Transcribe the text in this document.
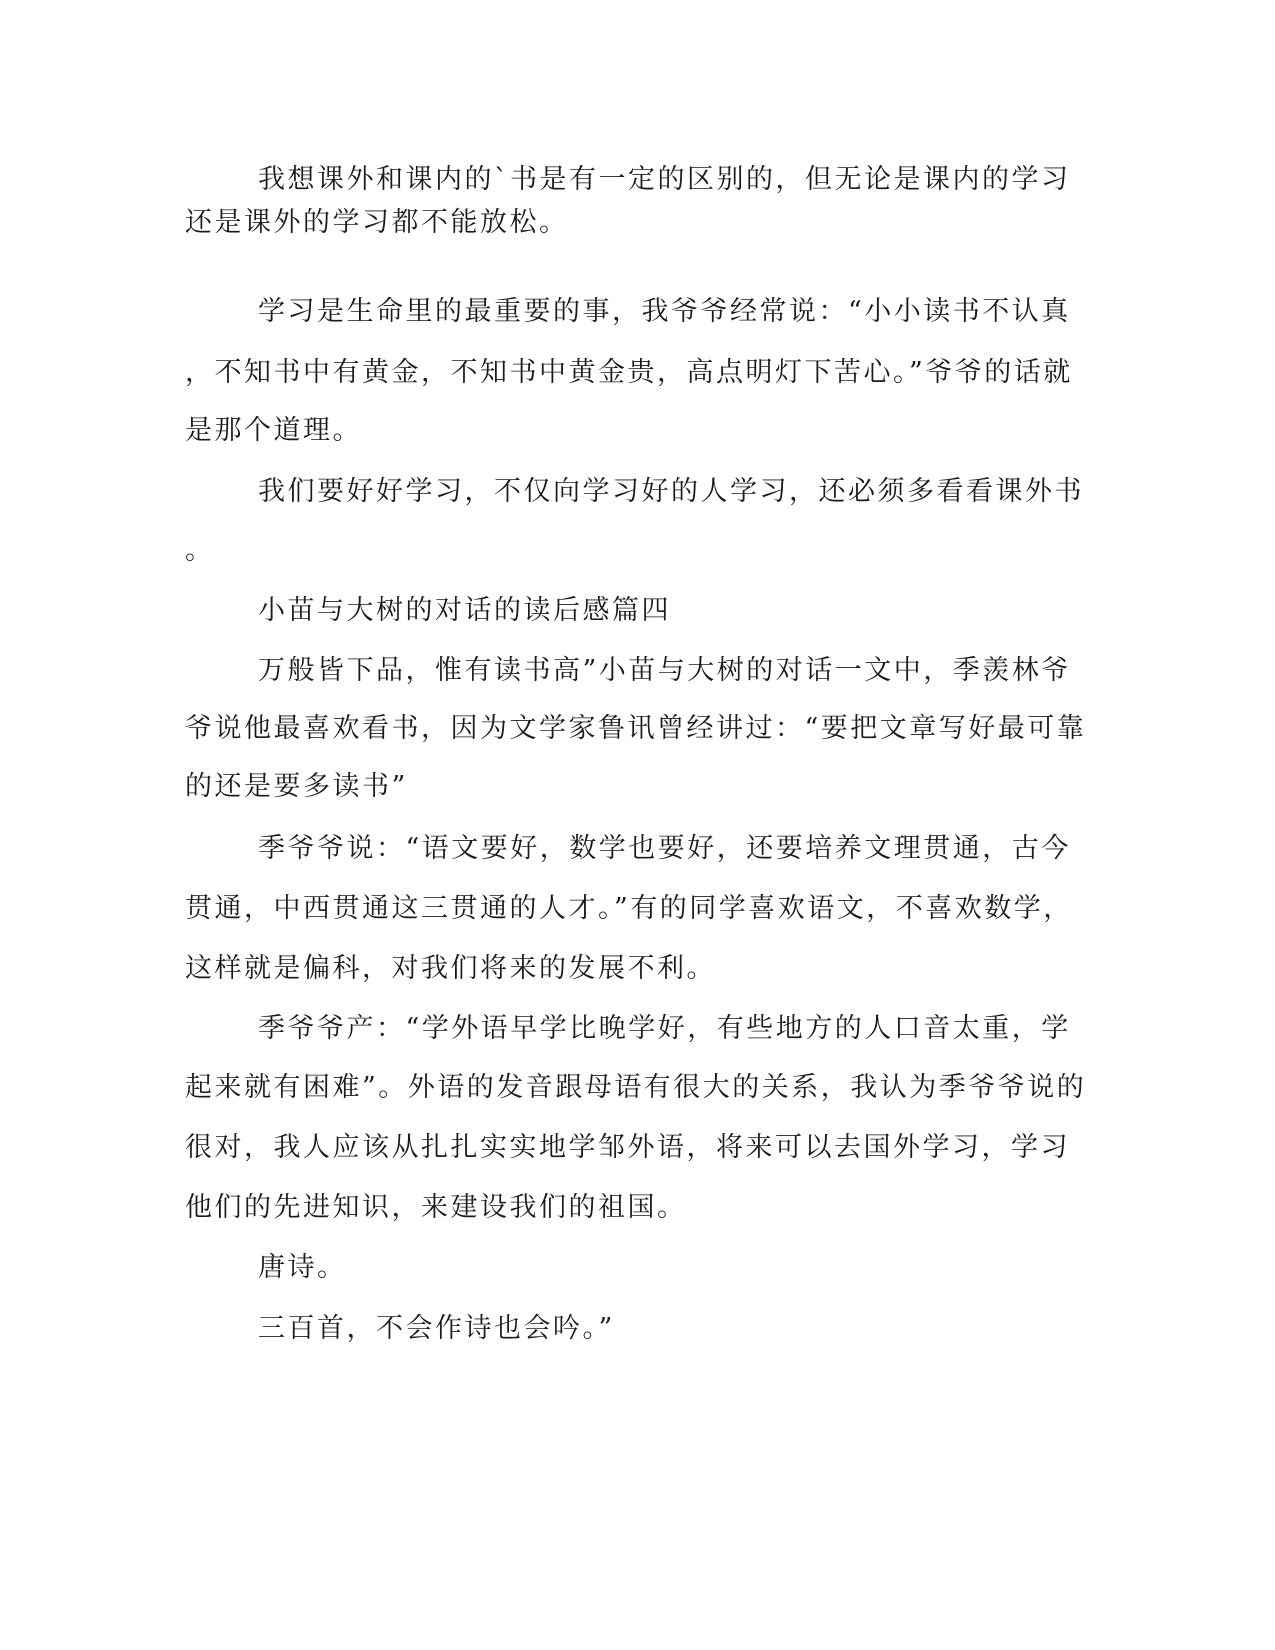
我想课外和课内的`书是有一定的区别的，但无论是课内的学习
还是课外的学习都不能放松。
学习是生命里的最重要的事，我爷爷经常说：“小小读书不认真
，不知书中有黄金，不知书中黄金贵，高点明灯下苦心。”爷爷的话就
是那个道理。
我们要好好学习，不仅向学习好的人学习，还必须多看看课外书
。
小苗与大树的对话的读后感篇四
万般皆下品，惟有读书高”小苗与大树的对话一文中，季羡林爷
爷说他最喜欢看书，因为文学家鲁讯曾经讲过：“要把文章写好最可靠
的还是要多读书”
季爷爷说：“语文要好，数学也要好，还要培养文理贯通，古今
贯通，中西贯通这三贯通的人才。”有的同学喜欢语文，不喜欢数学，
这样就是偏科，对我们将来的发展不利。
季爷爷产：“学外语早学比晚学好，有些地方的人口音太重，学
起来就有困难”。外语的发音跟母语有很大的关系，我认为季爷爷说的
很对，我人应该从扎扎实实地学邹外语，将来可以去国外学习，学习
他们的先进知识，来建设我们的祖国。
唐诗。
三百首，不会作诗也会吟。”
